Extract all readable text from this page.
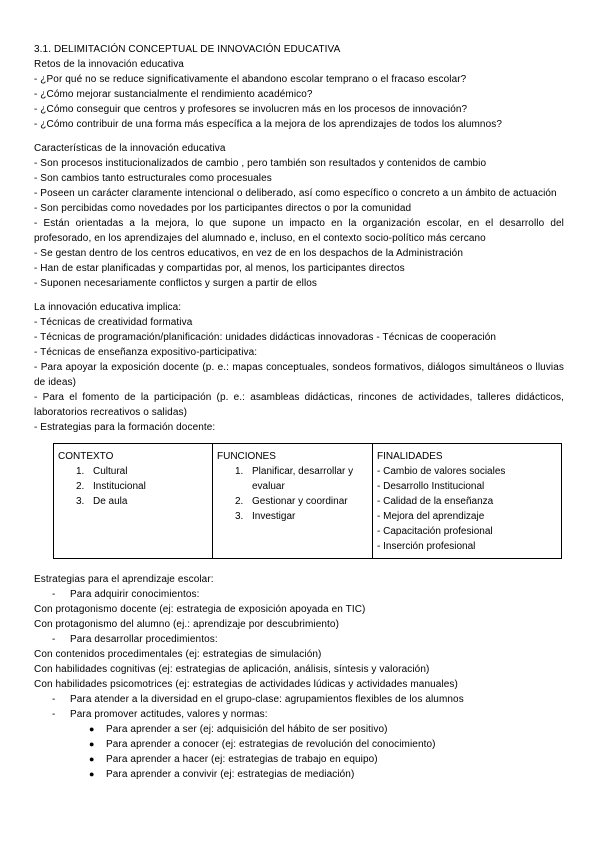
3.1. DELIMITACIÓN CONCEPTUAL DE INNOVACIÓN EDUCATIVA
Retos de la innovación educativa
- ¿Por qué no se reduce significativamente el abandono escolar temprano o el fracaso escolar?
- ¿Cómo mejorar sustancialmente el rendimiento académico?
- ¿Cómo conseguir que centros y profesores se involucren más en los procesos de innovación?
- ¿Cómo contribuir de una forma más específica a la mejora de los aprendizajes de todos los alumnos?
Características de la innovación educativa
- Son procesos institucionalizados de cambio , pero también son resultados y contenidos de cambio
- Son cambios tanto estructurales como procesuales
- Poseen un carácter claramente intencional o deliberado, así como específico o concreto a un ámbito de actuación
- Son percibidas como novedades por los participantes directos o por la comunidad
- Están orientadas a la mejora, lo que supone un impacto en la organización escolar, en el desarrollo del profesorado, en los aprendizajes del alumnado e, incluso, en el contexto socio-político más cercano
- Se gestan dentro de los centros educativos, en vez de en los despachos de la Administración
- Han de estar planificadas y compartidas por, al menos, los participantes directos
- Suponen necesariamente conflictos y surgen a partir de ellos
La innovación educativa implica:
- Técnicas de creatividad formativa
- Técnicas de programación/planificación: unidades didácticas innovadoras - Técnicas de cooperación
- Técnicas de enseñanza expositivo-participativa:
- Para apoyar la exposición docente (p. e.: mapas conceptuales, sondeos formativos, diálogos simultáneos o lluvias de ideas)
- Para el fomento de la participación (p. e.: asambleas didácticas, rincones de actividades, talleres didácticos, laboratorios recreativos o salidas)
- Estrategias para la formación docente:
CONTEXTO
1. Cultural
2. Institucional
3. De aula

FUNCIONES
1. Planificar, desarrollar y evaluar
2. Gestionar y coordinar
3. Investigar

FINALIDADES
- Cambio de valores sociales
- Desarrollo Institucional
- Calidad de la enseñanza
- Mejora del aprendizaje
- Capacitación profesional
- Inserción profesional
Estrategias para el aprendizaje escolar:
- Para adquirir conocimientos:
Con protagonismo docente (ej: estrategia de exposición apoyada en TIC)
Con protagonismo del alumno (ej.: aprendizaje por descubrimiento)
- Para desarrollar procedimientos:
Con contenidos procedimentales (ej: estrategias de simulación)
Con habilidades cognitivas (ej: estrategias de aplicación, análisis, síntesis y valoración)
Con habilidades psicomotrices (ej: estrategias de actividades lúdicas y actividades manuales)
- Para atender a la diversidad en el grupo-clase: agrupamientos flexibles de los alumnos
- Para promover actitudes, valores y normas:
● Para aprender a ser (ej: adquisición del hábito de ser positivo)
● Para aprender a conocer (ej: estrategias de revolución del conocimiento)
● Para aprender a hacer (ej: estrategias de trabajo en equipo)
● Para aprender a convivir (ej: estrategias de mediación)
